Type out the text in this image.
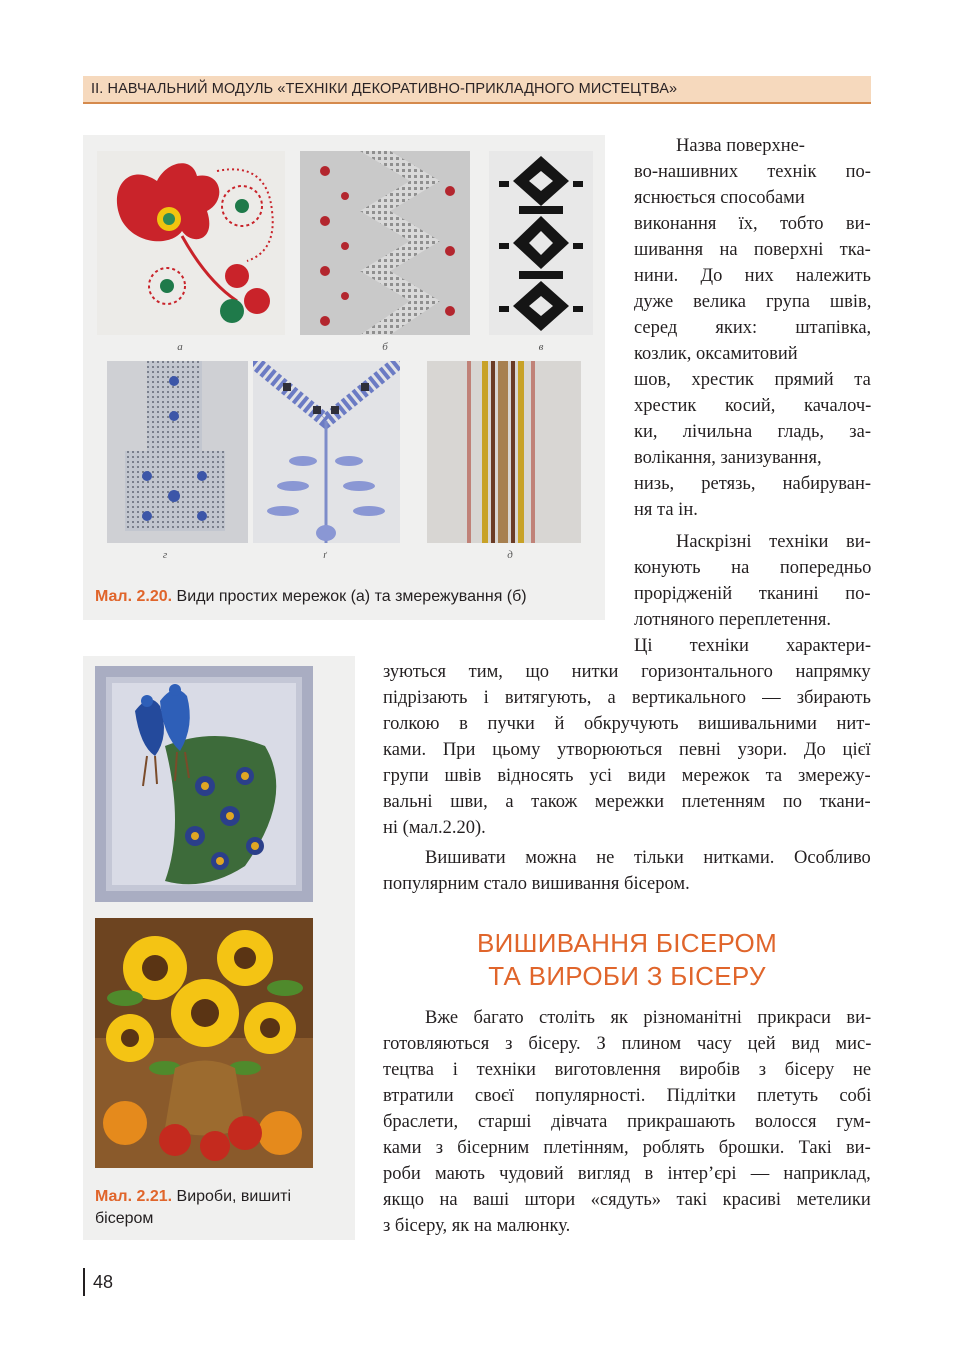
II. НАВЧАЛЬНИЙ МОДУЛЬ «ТЕХНІКИ ДЕКОРАТИВНО-ПРИКЛАДНОГО МИСТЕЦТВА»
а	б	в
г	ґ	д
Мал. 2.20. Види простих мережок (а) та змережування (б)
Мал. 2.21. Вироби, вишиті
бісером
Назва поверхне-
во-нашивних технік по-
яснюється способами
виконання їх, тобто ви-
шивання на поверхні тка-
нини. До них належить
дуже велика група швів,
серед яких: штапівка,
козлик, оксамитовий
шов, хрестик прямий та
хрестик косий, качалоч-
ки, лічильна гладь, за-
волікання, занизування,
низь, ретязь, набируван-
ня та ін.
Наскрізні техніки ви-
конують на попередньо
проріджeній тканині по-
лотняного переплетення.
Ці техніки характери-
зуються тим, що нитки горизонтального напрямку
підрізають і витягують, а вертикального — збирають
голкою в пучки й обкручують вишивальними нит-
ками. При цьому утворюються певні узори. До цієї
групи швів відносять усі види мережок та змережу-
вальні шви, а також мережки плетенням по ткани-
ні (мал.2.20).
Вишивати можна не тільки нитками. Особливо
популярним стало вишивання бісером.
ВИШИВАННЯ БІСЕРОМ
ТА ВИРОБИ З БІСЕРУ
Вже багато століть як різноманітні прикраси ви-
готовляються з бісеру. З плином часу цей вид мис-
тецтва і техніки виготовлення виробів з бісеру не
втратили своєї популярності. Підлітки плетуть собі
браслети, старші дівчата прикрашають волосся гум-
ками з бісерним плетінням, роблять брошки. Такі ви-
роби мають чудовий вигляд в інтер’єрі — наприклад,
якщо на ваші штори «сядуть» такі красиві метелики
з бісеру, як на малюнку.
48
